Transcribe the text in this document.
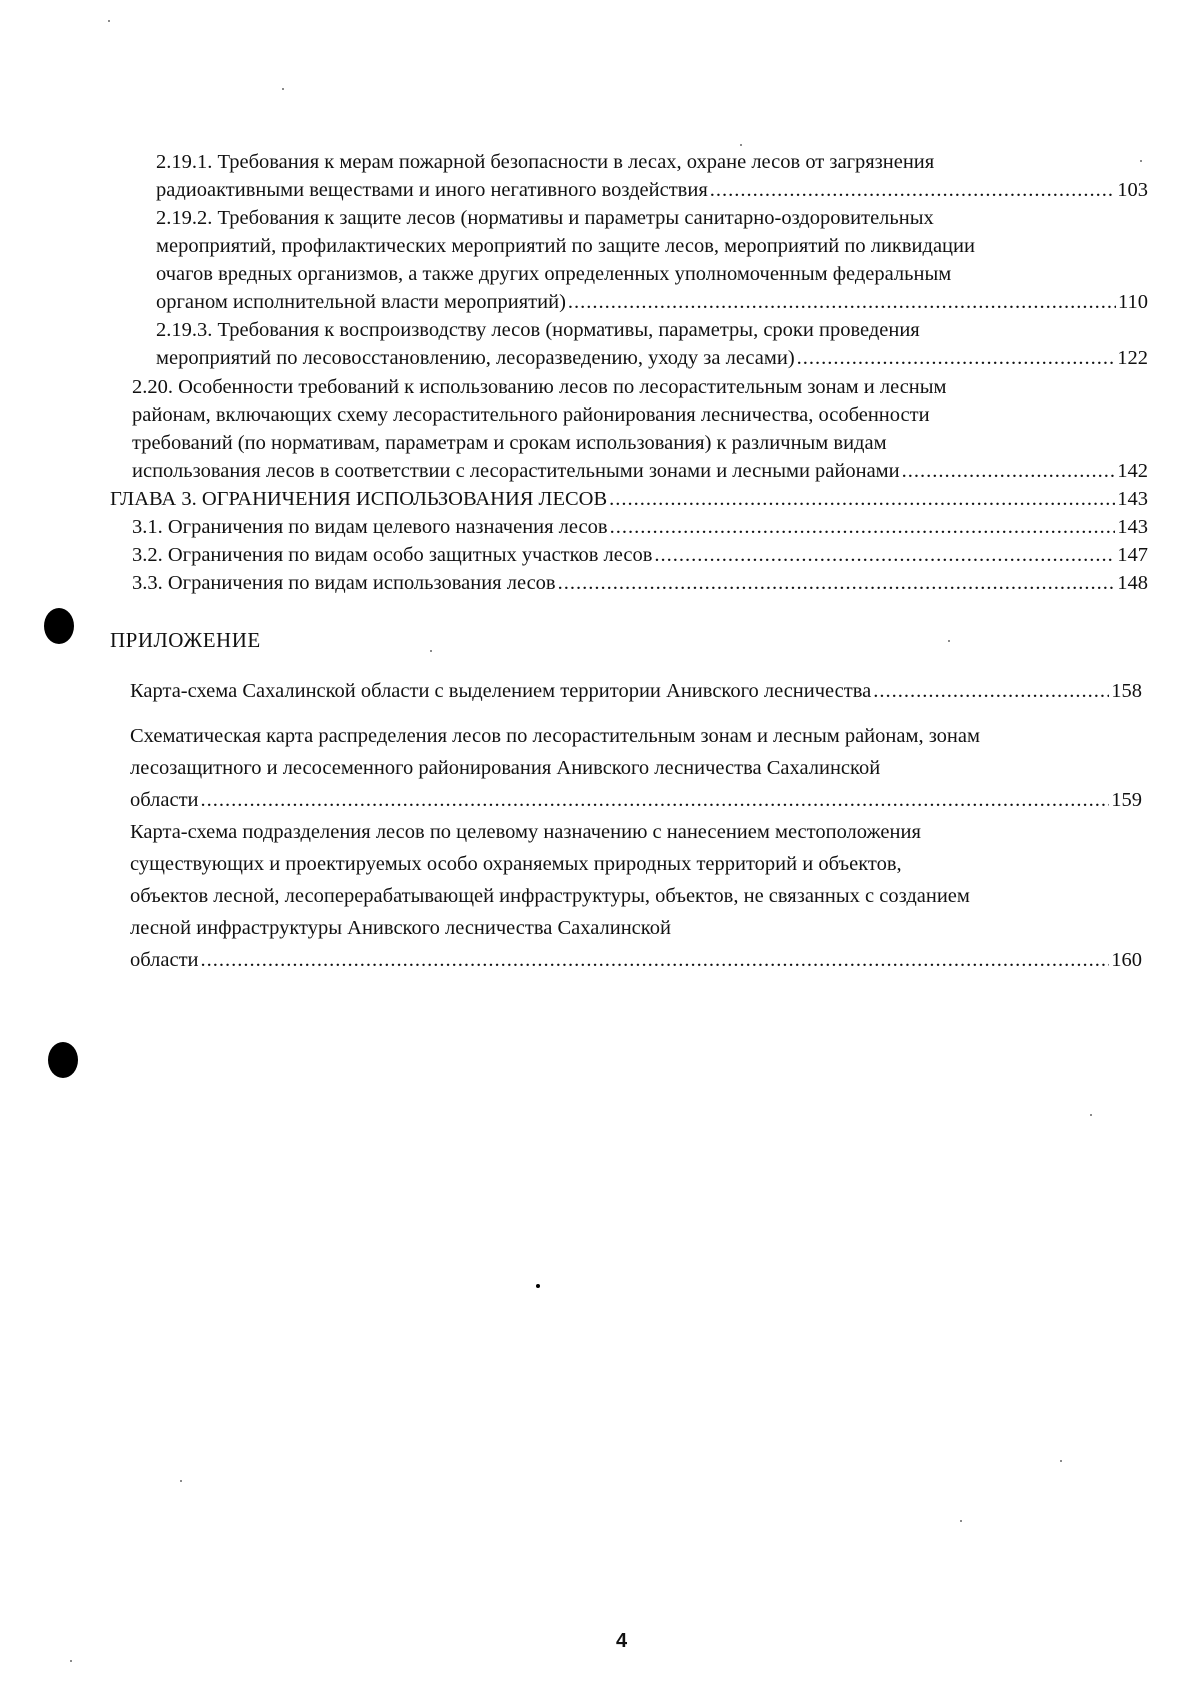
2.19.1. Требования к мерам пожарной безопасности в лесах, охране лесов от загрязнения
радиоактивными веществами и иного негативного воздействия .....	103
2.19.2. Требования к защите лесов (нормативы и параметры санитарно-оздоровительных
мероприятий, профилактических мероприятий по защите лесов, мероприятий по ликвидации
очагов вредных организмов, а также других определенных уполномоченным федеральным
органом исполнительной власти мероприятий) .....	110
2.19.3. Требования к воспроизводству лесов (нормативы, параметры, сроки проведения
мероприятий по лесовосстановлению, лесоразведению, уходу за лесами) .....	122
2.20. Особенности требований к использованию лесов по лесорастительным зонам и лесным
районам, включающих схему лесорастительного районирования лесничества, особенности
требований (по нормативам, параметрам и срокам использования) к различным видам
использования лесов в соответствии с лесорастительными зонами и лесными районами .....	142
ГЛАВА 3. ОГРАНИЧЕНИЯ ИСПОЛЬЗОВАНИЯ ЛЕСОВ .....	143
3.1. Ограничения по видам целевого назначения лесов .....	143
3.2. Ограничения по видам особо защитных участков лесов .....	147
3.3. Ограничения по видам использования лесов .....	148
ПРИЛОЖЕНИЕ
Карта-схема Сахалинской области с выделением территории Анивского лесничества .....	158
Схематическая карта распределения лесов по лесорастительным зонам и лесным районам, зонам
лесозащитного и лесосеменного районирования Анивского лесничества Сахалинской
области .....	159
Карта-схема подразделения лесов по целевому назначению с нанесением местоположения
существующих и проектируемых особо охраняемых природных территорий и объектов,
объектов лесной, лесоперерабатывающей инфраструктуры, объектов, не связанных с созданием
лесной инфраструктуры Анивского лесничества Сахалинской
области .....	160
4
